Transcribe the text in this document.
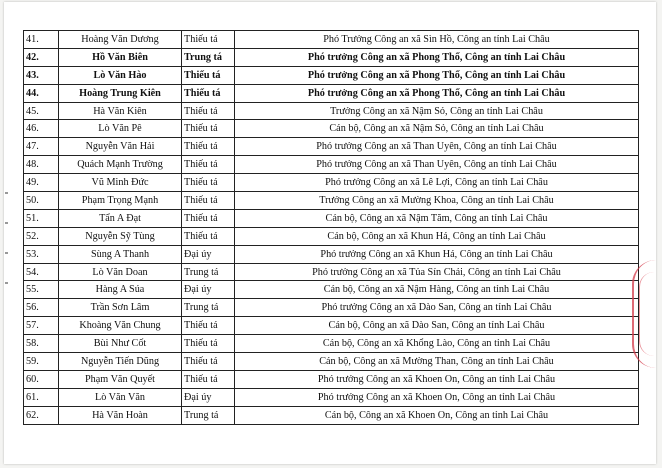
41.	Hoàng Văn Dương	Thiếu tá	Phó Trưởng Công an xã Sìn Hồ, Công an tỉnh Lai Châu
42.	Hồ Văn Biên	Trung tá	Phó trưởng Công an xã Phong Thổ, Công an tỉnh Lai Châu
43.	Lò Văn Hào	Thiếu tá	Phó trưởng Công an xã Phong Thổ, Công an tỉnh Lai Châu
44.	Hoàng Trung Kiên	Thiếu tá	Phó trưởng Công an xã Phong Thổ, Công an tỉnh Lai Châu
45.	Hà Văn Kiên	Thiếu tá	Trưởng Công an xã Nậm Sỏ, Công an tỉnh Lai Châu
46.	Lò Văn Pê	Thiếu tá	Cán bộ, Công an xã Nậm Sỏ, Công an tỉnh Lai Châu
47.	Nguyễn Văn Hải	Thiếu tá	Phó trưởng Công an xã Than Uyên, Công an tỉnh Lai Châu
48.	Quách Mạnh Trường	Thiếu tá	Phó trưởng Công an xã Than Uyên, Công an tỉnh Lai Châu
49.	Vũ Minh Đức	Thiếu tá	Phó trưởng Công an xã Lê Lợi, Công an tỉnh Lai Châu
50.	Phạm Trọng Mạnh	Thiếu tá	Trưởng Công an xã Mường Khoa, Công an tỉnh Lai Châu
51.	Tẩn A Đạt	Thiếu tá	Cán bộ, Công an xã Nậm Tăm, Công an tỉnh Lai Châu
52.	Nguyễn Sỹ Tùng	Thiếu tá	Cán bộ, Công an xã Khun Há, Công an tỉnh Lai Châu
53.	Sùng A Thanh	Đại úy	Phó trưởng Công an xã Khun Há, Công an tỉnh Lai Châu
54.	Lò Văn Doan	Trung tá	Phó trưởng Công an xã Tủa Sín Chải, Công an tỉnh Lai Châu
55.	Hàng A Súa	Đại úy	Cán bộ, Công an xã Nậm Hàng, Công an tỉnh Lai Châu
56.	Trần Sơn Lâm	Trung tá	Phó trưởng Công an xã Dào San, Công an tỉnh Lai Châu
57.	Khoàng Văn Chung	Thiếu tá	Cán bộ, Công an xã Dào San, Công an tỉnh Lai Châu
58.	Bùi Như Cốt	Thiếu tá	Cán bộ, Công an xã Khổng Lào, Công an tỉnh Lai Châu
59.	Nguyễn Tiến Dũng	Thiếu tá	Cán bộ, Công an xã Mường Than, Công an tỉnh Lai Châu
60.	Phạm Văn Quyết	Thiếu tá	Phó trưởng Công an xã Khoen On, Công an tỉnh Lai Châu
61.	Lò Văn Văn	Đại úy	Phó trưởng Công an xã Khoen On, Công an tỉnh Lai Châu
62.	Hà Văn Hoàn	Trung tá	Cán bộ, Công an xã Khoen On, Công an tỉnh Lai Châu
